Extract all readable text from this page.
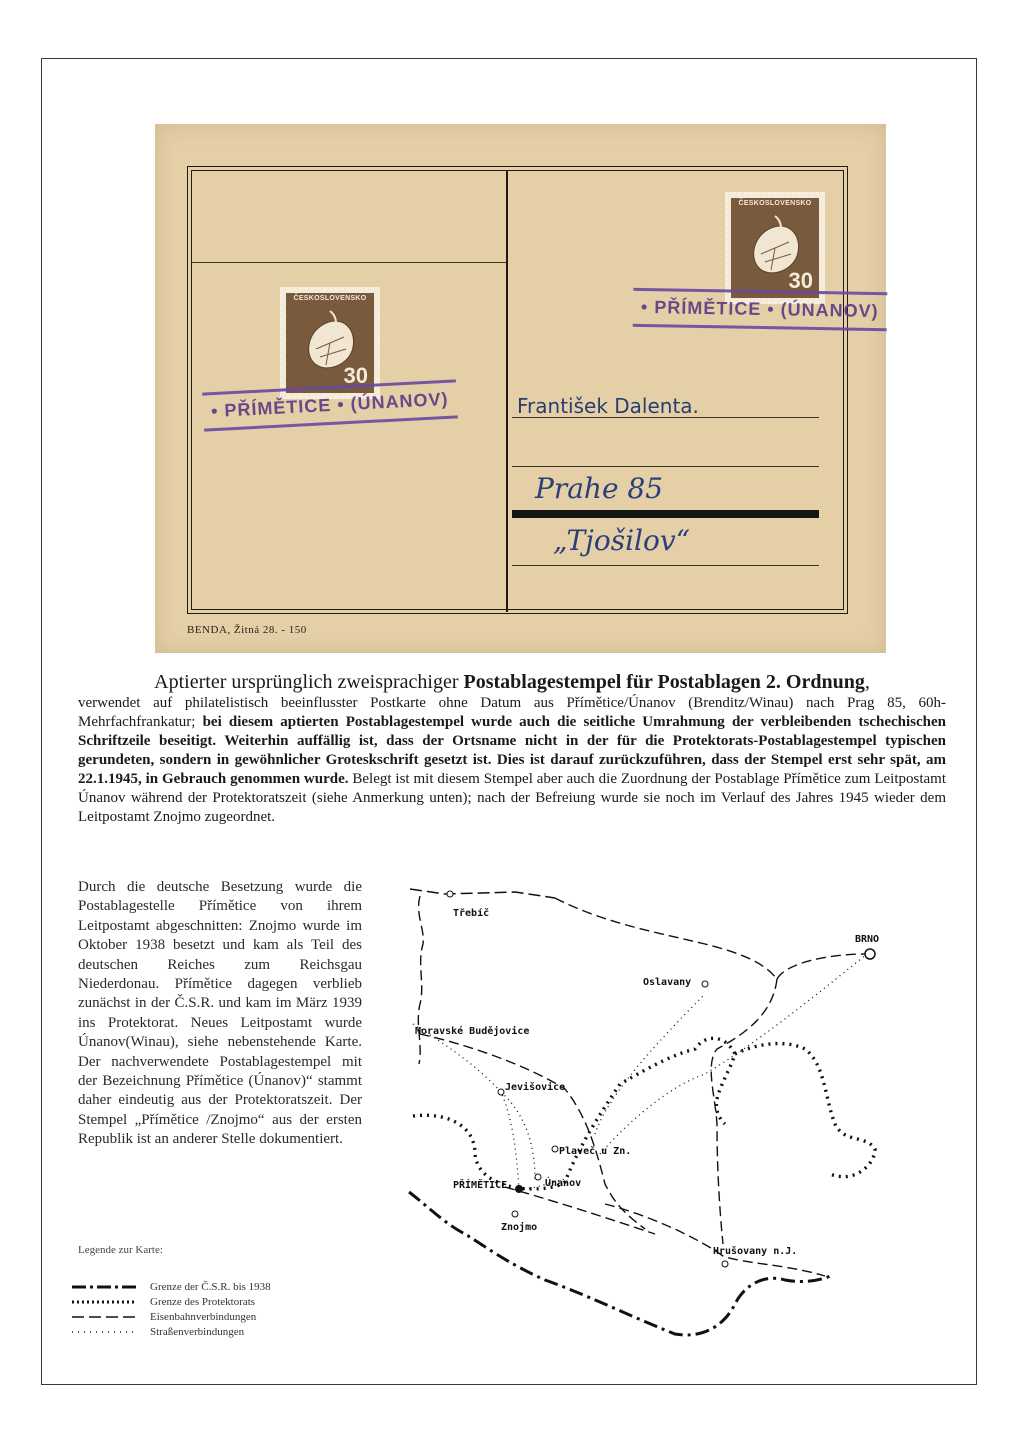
ČESKOSLOVENSKO
30
• PŘÍMĚTICE • (ÚNANOV)
ČESKOSLOVENSKO
30
• PŘÍMĚTICE • (ÚNANOV)
František Dalenta.
Prahe 85
„Tjošilov“
BENDA, Žitná 28. - 150
Aptierter ursprünglich zweisprachiger Postablagestempel für Postablagen 2. Ordnung,
verwendet auf philatelistisch beeinflusster Postkarte ohne Datum aus Přímětice/Únanov (Brenditz/Winau) nach Prag 85, 60h-Mehrfachfrankatur; bei diesem aptierten Postablagestempel wurde auch die seitliche Umrahmung der verbleibenden tschechischen Schriftzeile beseitigt. Weiterhin auffällig ist, dass der Ortsname nicht in der für die Protektorats-Postablagestempel typischen gerundeten, sondern in gewöhnlicher Groteskschrift gesetzt ist. Dies ist darauf zurückzuführen, dass der Stempel erst sehr spät, am 22.1.1945, in Gebrauch genommen wurde. Belegt ist mit diesem Stempel aber auch die Zuordnung der Postablage Přímětice zum Leitpostamt Únanov während der Protektoratszeit (siehe Anmerkung unten); nach der Befreiung wurde sie noch im Verlauf des Jahres 1945 wieder dem Leitpostamt Znojmo zugeordnet.
Durch die deutsche Besetzung wurde die Postablagestelle Přímětice von ihrem Leitpostamt abgeschnitten: Znojmo wurde im Oktober 1938 besetzt und kam als Teil des deutschen Reiches zum Reichsgau Niederdonau. Přímětice dagegen verblieb zunächst in der Č.S.R. und kam im März 1939 ins Protektorat. Neues Leitpostamt wurde Únanov(Winau), siehe nebenstehende Karte. Der nachverwendete Postablagestempel mit der Bezeichnung Přímětice (Únanov)“ stammt daher eindeutig aus der Protektoratszeit. Der Stempel „Přímětice /Znojmo“ aus der ersten Republik ist an anderer Stelle dokumentiert.
Legende zur Karte:
Grenze der Č.S.R. bis 1938
Grenze des Protektorats
Eisenbahnverbindungen
Straßenverbindungen
Třebíč
BRNO
Oslavany
Moravské Budějovice
Jevišovice
Plaveč u Zn.
PŘÍMĚTICE	Únanov
Znojmo
Hrušovany n.J.
